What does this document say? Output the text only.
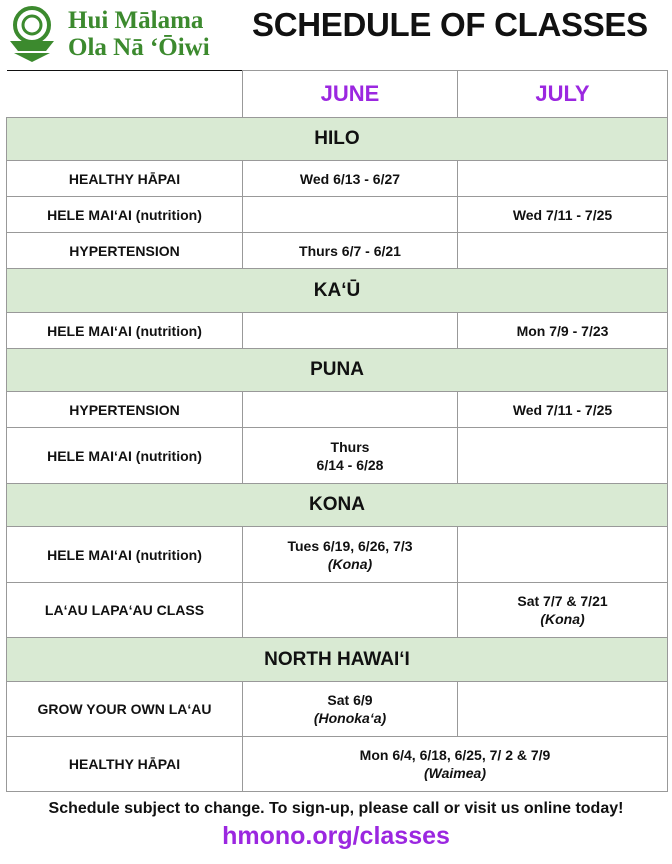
Hui Mālama
Ola Nā ʻŌiwi
SCHEDULE OF CLASSES
	JUNE	JULY
HILO		
HEALTHY HĀPAI	Wed 6/13 - 6/27	
HELE MAIʻAI (nutrition)		Wed 7/11 - 7/25
HYPERTENSION	Thurs 6/7 - 6/21	
KAʻŪ		
HELE MAIʻAI (nutrition)		Mon 7/9 - 7/23
PUNA		
HYPERTENSION		Wed 7/11 - 7/25
HELE MAIʻAI (nutrition)	Thurs
6/14 - 6/28	

KONA		
HELE MAIʻAI (nutrition)	Tues 6/19, 6/26, 7/3
(Kona)	
LAʻAU LAPAʻAU CLASS		Sat 7/7 & 7/21
(Kona)
NORTH HAWAIʻI		
GROW YOUR OWN LAʻAU	Sat 6/9
(Honokaʻa)	
HEALTHY HĀPAI	Mon 6/4, 6/18, 6/25, 7/ 2 & 7/9
(Waimea)	
Schedule subject to change. To sign-up, please call or visit us online today!
hmono.org/classes
